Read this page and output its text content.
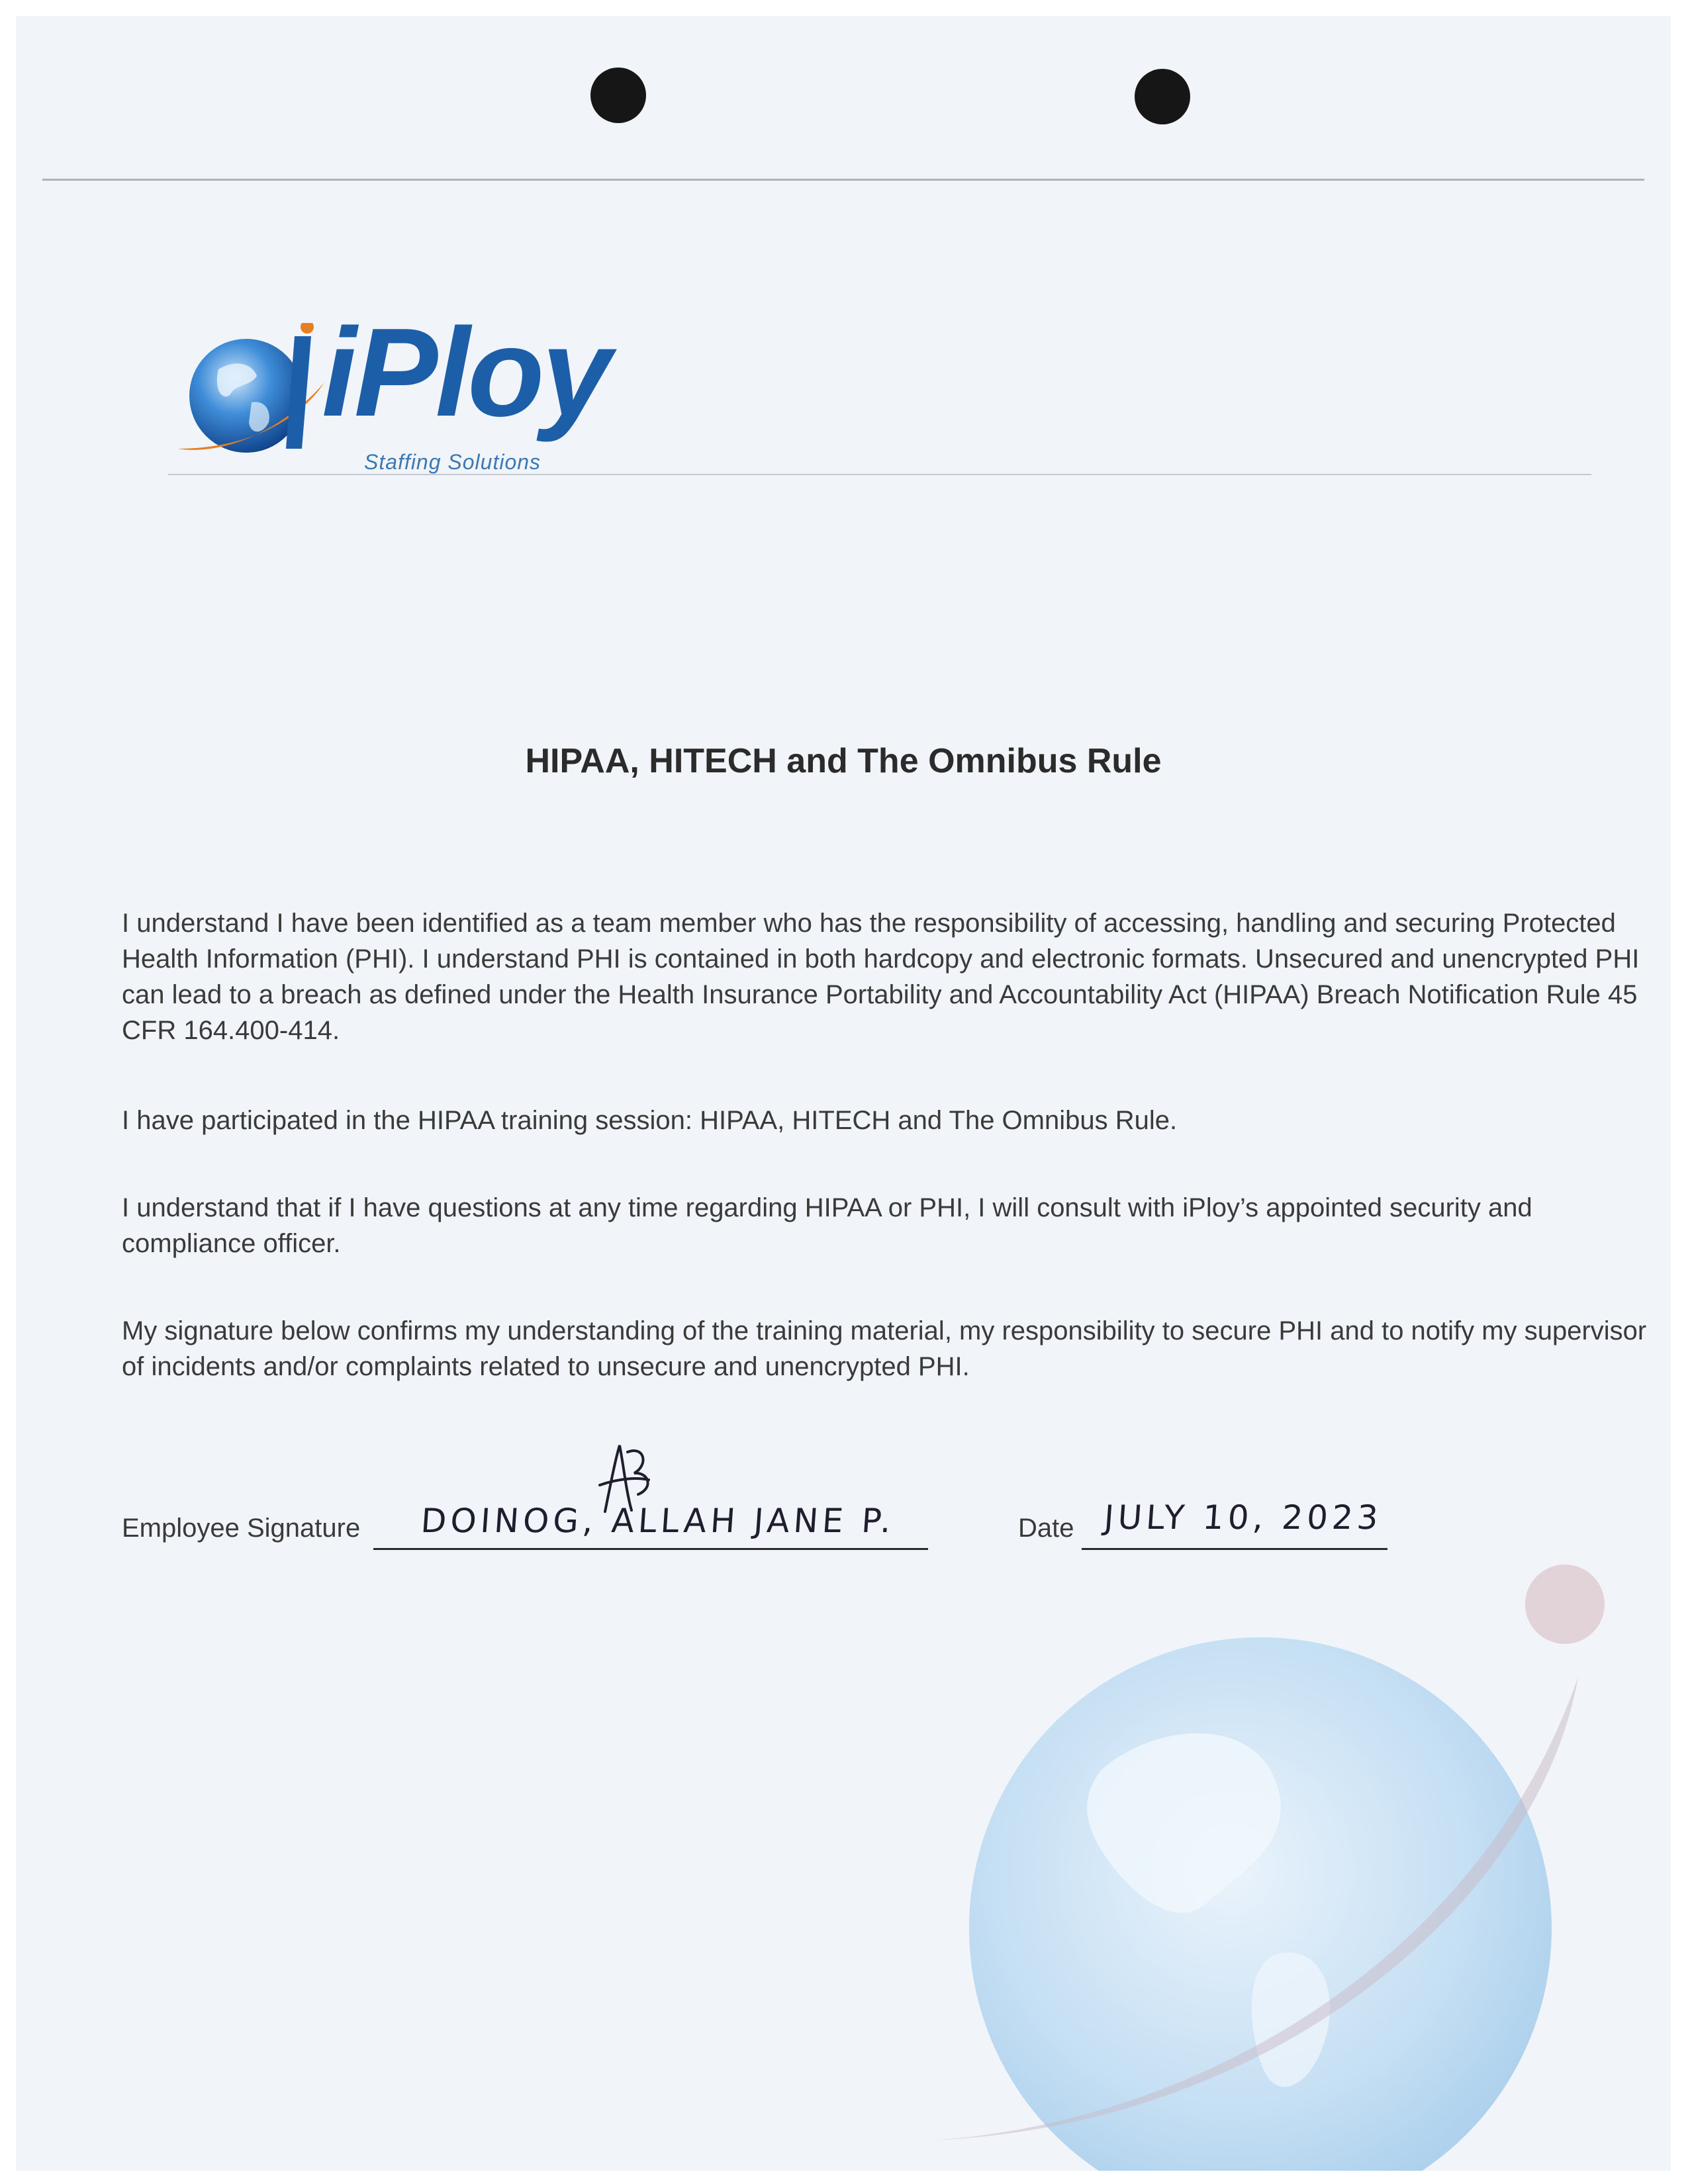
iPloy
Staffing Solutions
HIPAA, HITECH and The Omnibus Rule

I understand I have been identified as a team member who has the responsibility of accessing, handling and securing Protected Health Information (PHI). I understand PHI is contained in both hardcopy and electronic formats. Unsecured and unencrypted PHI can lead to a breach as defined under the Health Insurance Portability and Accountability Act (HIPAA) Breach Notification Rule 45 CFR 164.400-414.

I have participated in the HIPAA training session: HIPAA, HITECH and The Omnibus Rule.

I understand that if I have questions at any time regarding HIPAA or PHI, I will consult with iPloy’s appointed security and compliance officer.

My signature below confirms my understanding of the training material, my responsibility to secure PHI and to notify my supervisor of incidents and/or complaints related to unsecure and unencrypted PHI.

Employee Signature DOINOG, ALLAH JANE P.	Date JULY 10, 2023
